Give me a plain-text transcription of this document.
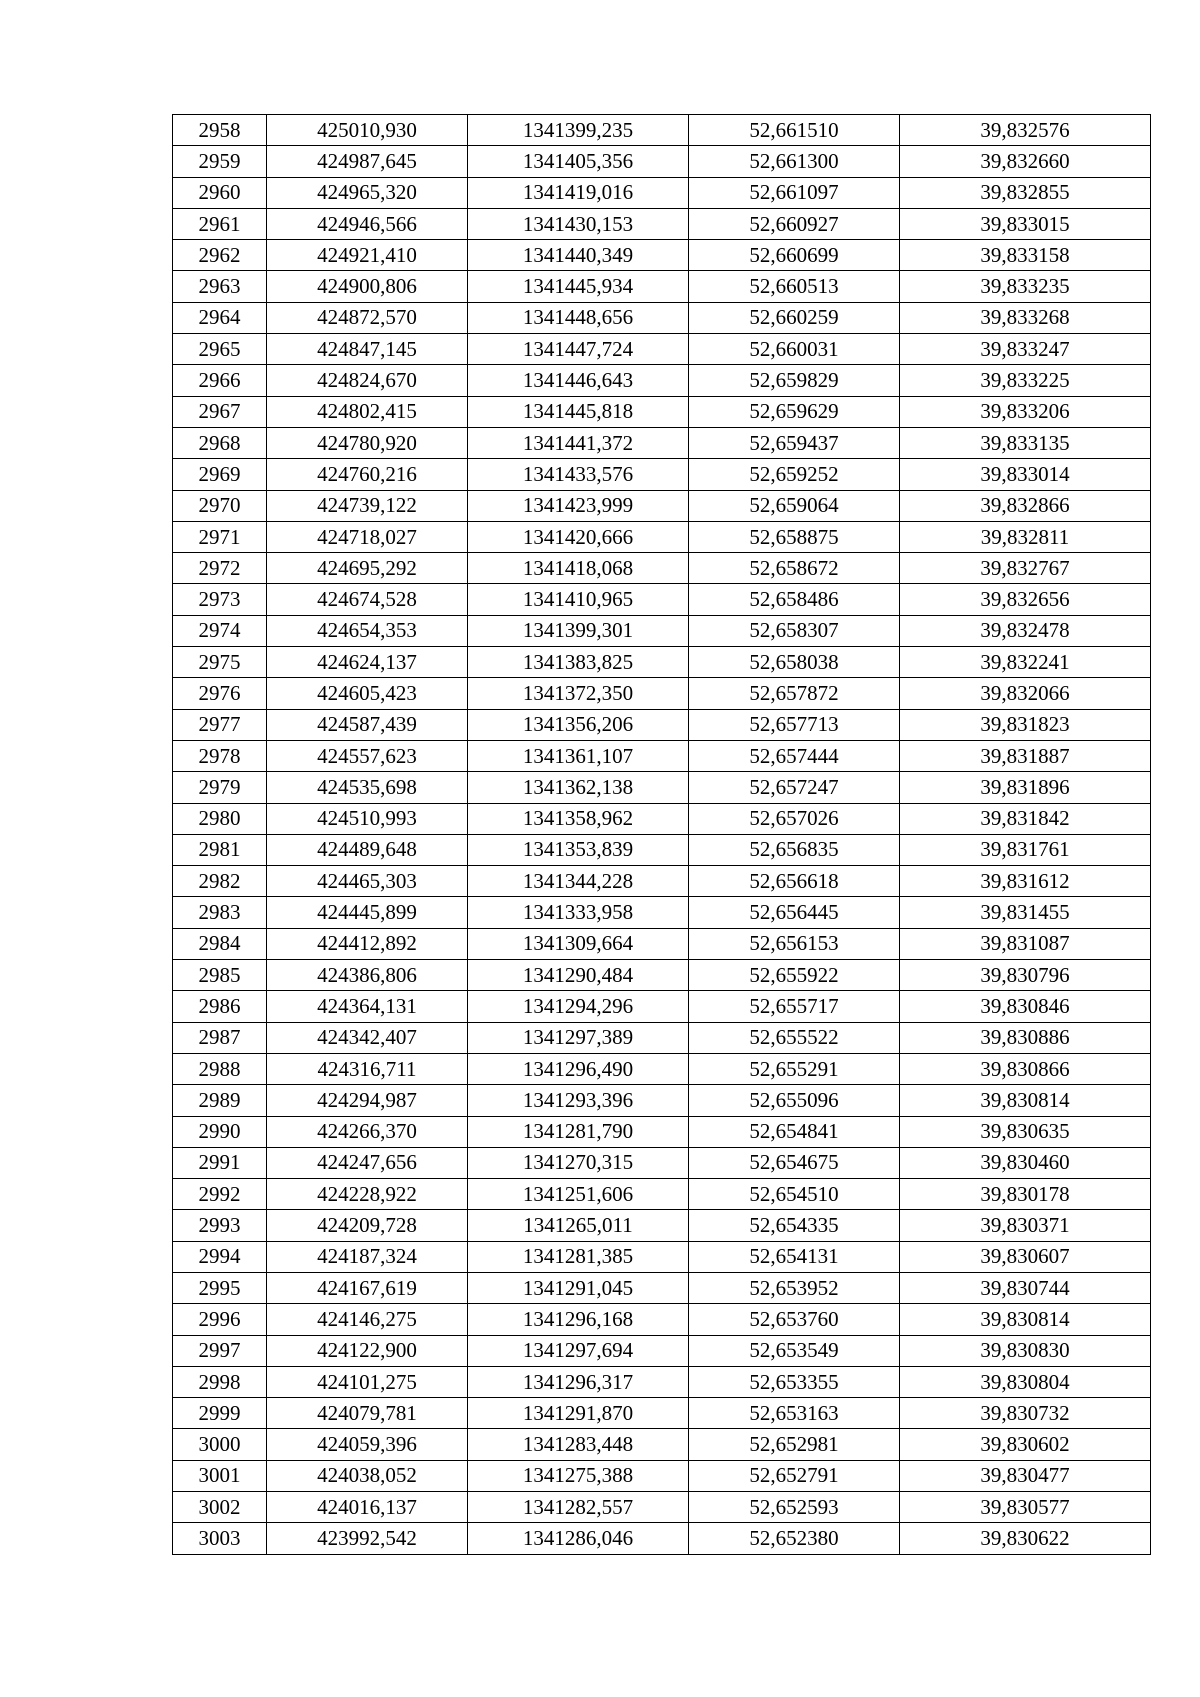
2958	425010,930	1341399,235	52,661510	39,832576
2959	424987,645	1341405,356	52,661300	39,832660
2960	424965,320	1341419,016	52,661097	39,832855
2961	424946,566	1341430,153	52,660927	39,833015
2962	424921,410	1341440,349	52,660699	39,833158
2963	424900,806	1341445,934	52,660513	39,833235
2964	424872,570	1341448,656	52,660259	39,833268
2965	424847,145	1341447,724	52,660031	39,833247
2966	424824,670	1341446,643	52,659829	39,833225
2967	424802,415	1341445,818	52,659629	39,833206
2968	424780,920	1341441,372	52,659437	39,833135
2969	424760,216	1341433,576	52,659252	39,833014
2970	424739,122	1341423,999	52,659064	39,832866
2971	424718,027	1341420,666	52,658875	39,832811
2972	424695,292	1341418,068	52,658672	39,832767
2973	424674,528	1341410,965	52,658486	39,832656
2974	424654,353	1341399,301	52,658307	39,832478
2975	424624,137	1341383,825	52,658038	39,832241
2976	424605,423	1341372,350	52,657872	39,832066
2977	424587,439	1341356,206	52,657713	39,831823
2978	424557,623	1341361,107	52,657444	39,831887
2979	424535,698	1341362,138	52,657247	39,831896
2980	424510,993	1341358,962	52,657026	39,831842
2981	424489,648	1341353,839	52,656835	39,831761
2982	424465,303	1341344,228	52,656618	39,831612
2983	424445,899	1341333,958	52,656445	39,831455
2984	424412,892	1341309,664	52,656153	39,831087
2985	424386,806	1341290,484	52,655922	39,830796
2986	424364,131	1341294,296	52,655717	39,830846
2987	424342,407	1341297,389	52,655522	39,830886
2988	424316,711	1341296,490	52,655291	39,830866
2989	424294,987	1341293,396	52,655096	39,830814
2990	424266,370	1341281,790	52,654841	39,830635
2991	424247,656	1341270,315	52,654675	39,830460
2992	424228,922	1341251,606	52,654510	39,830178
2993	424209,728	1341265,011	52,654335	39,830371
2994	424187,324	1341281,385	52,654131	39,830607
2995	424167,619	1341291,045	52,653952	39,830744
2996	424146,275	1341296,168	52,653760	39,830814
2997	424122,900	1341297,694	52,653549	39,830830
2998	424101,275	1341296,317	52,653355	39,830804
2999	424079,781	1341291,870	52,653163	39,830732
3000	424059,396	1341283,448	52,652981	39,830602
3001	424038,052	1341275,388	52,652791	39,830477
3002	424016,137	1341282,557	52,652593	39,830577
3003	423992,542	1341286,046	52,652380	39,830622
